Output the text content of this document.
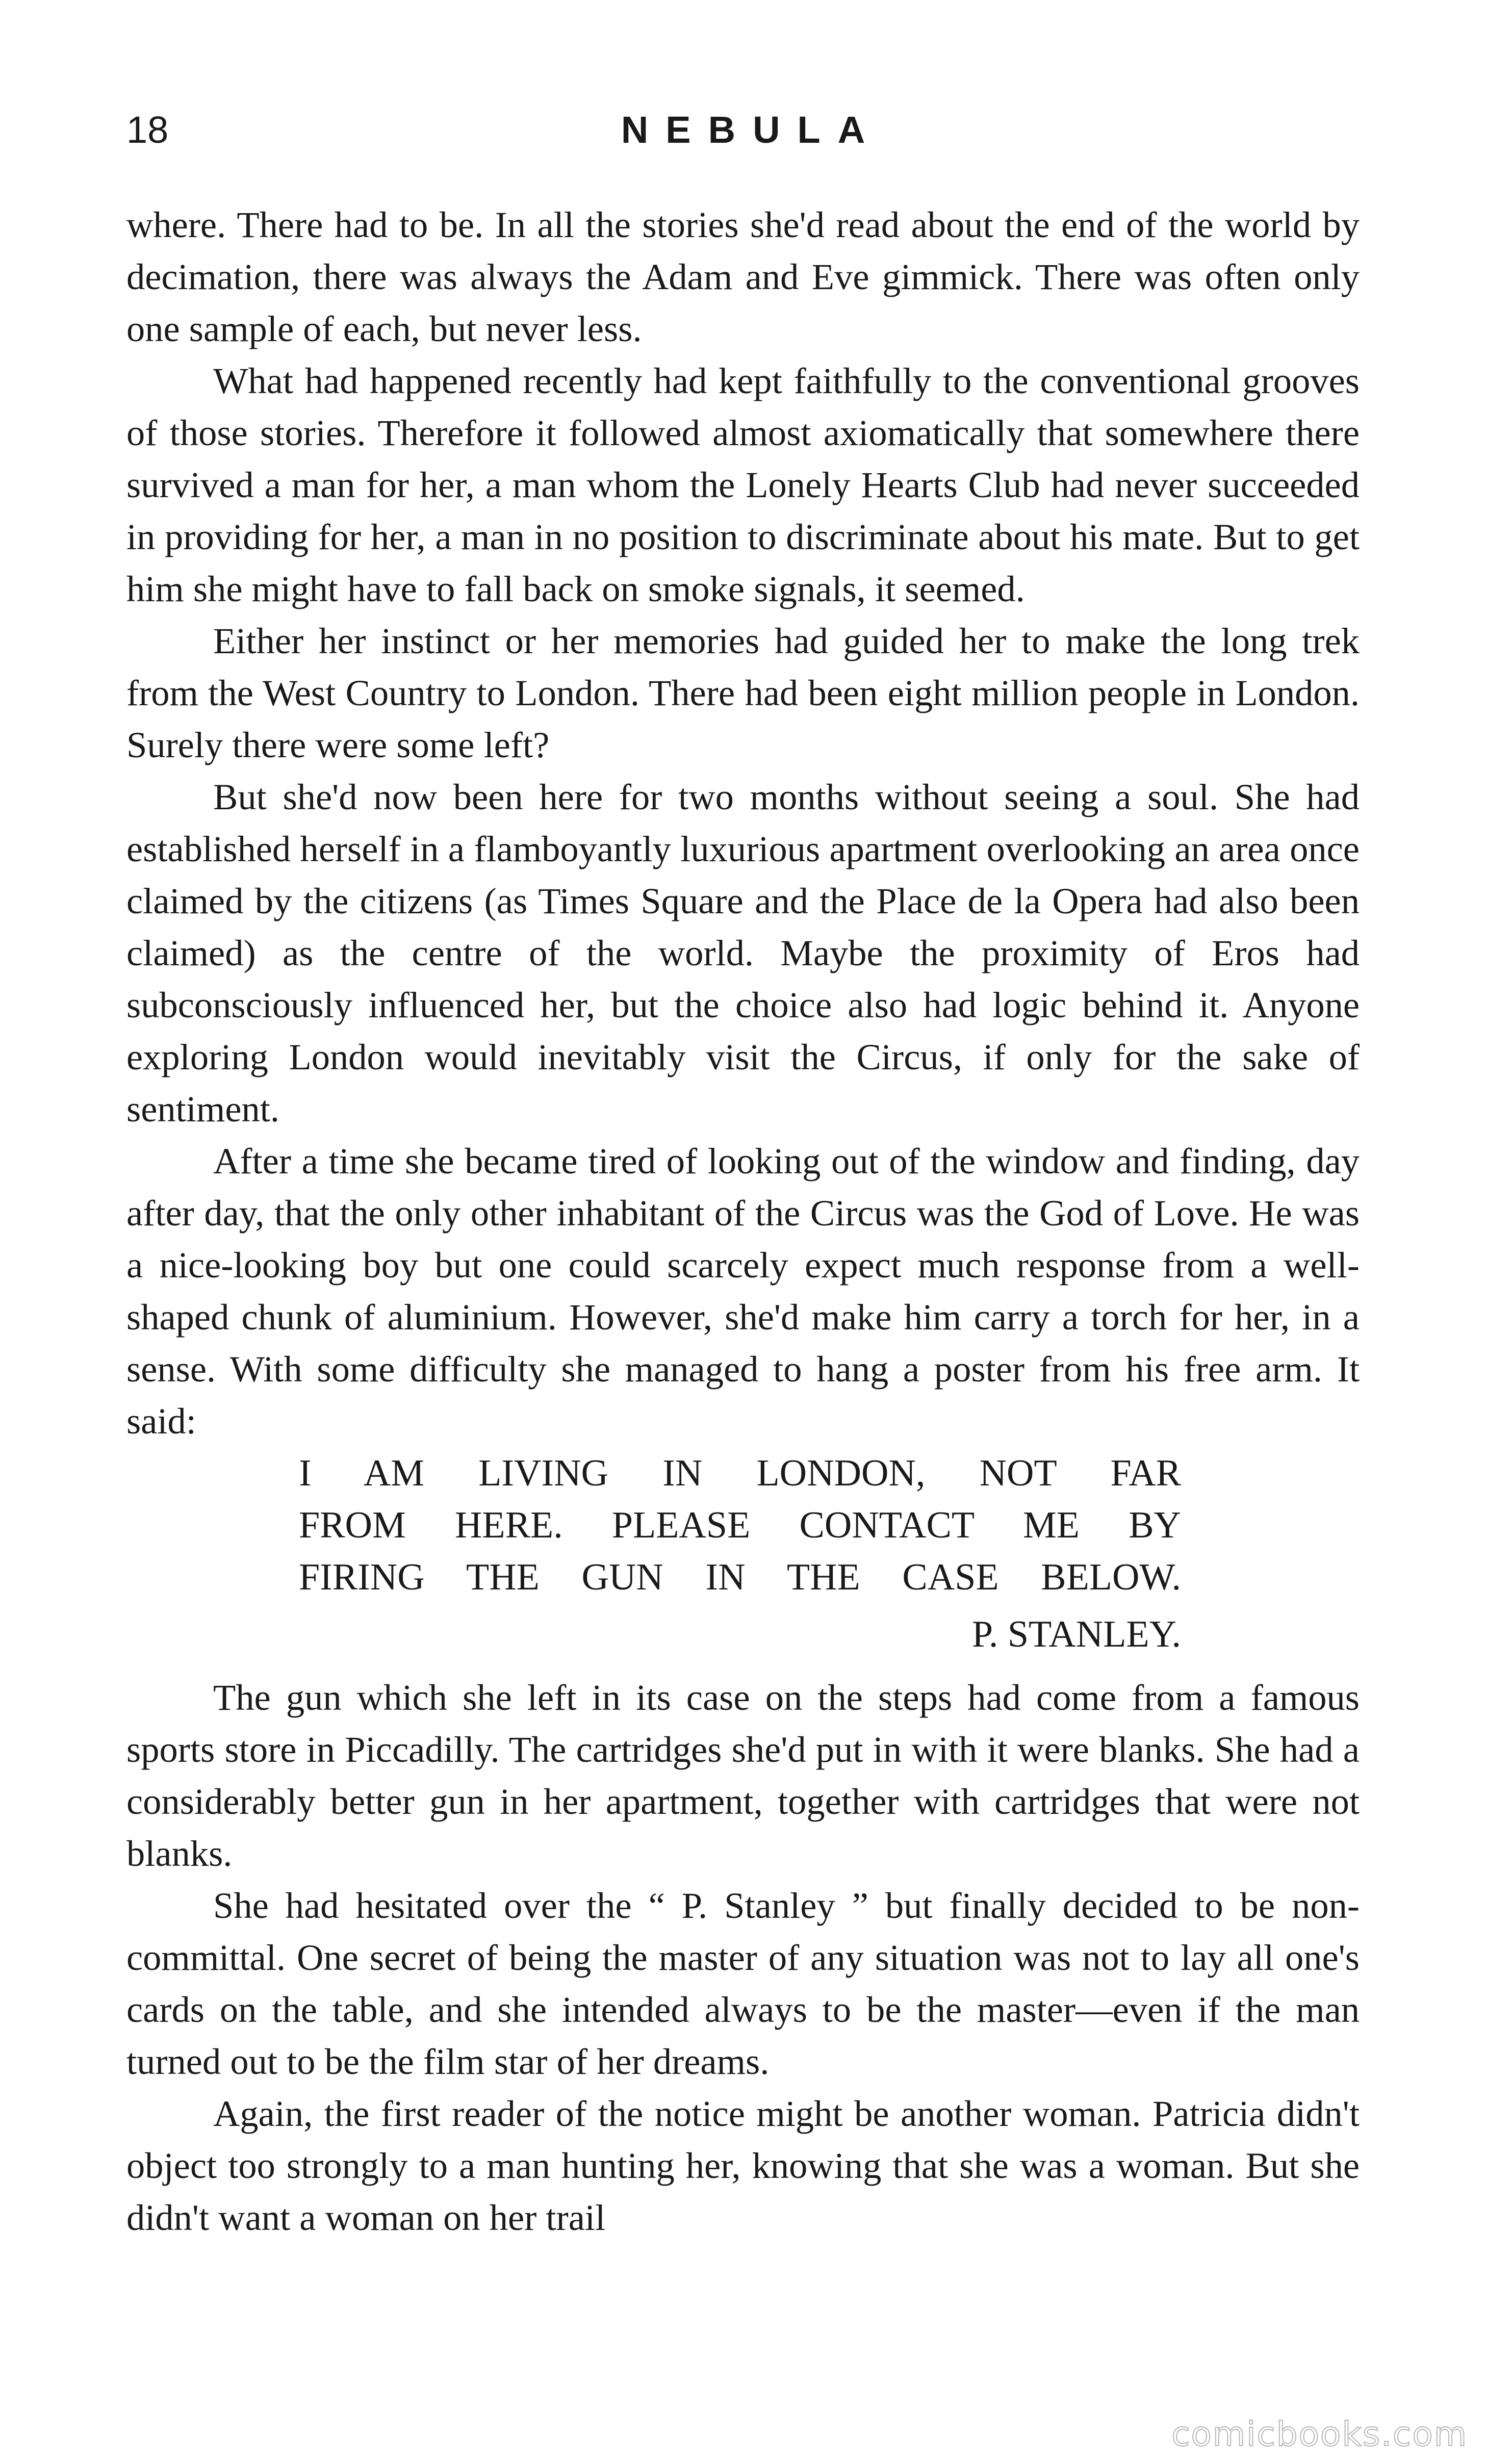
18	NEBULA

where. There had to be. In all the stories she'd read about the end of the world by decimation, there was always the Adam and Eve gimmick. There was often only one sample of each, but never less.

What had happened recently had kept faithfully to the conventional grooves of those stories. Therefore it followed almost axiomatically that somewhere there survived a man for her, a man whom the Lonely Hearts Club had never succeeded in providing for her, a man in no position to discriminate about his mate. But to get him she might have to fall back on smoke signals, it seemed.

Either her instinct or her memories had guided her to make the long trek from the West Country to London. There had been eight million people in London. Surely there were some left?

But she'd now been here for two months without seeing a soul. She had established herself in a flamboyantly luxurious apartment overlooking an area once claimed by the citizens (as Times Square and the Place de la Opera had also been claimed) as the centre of the world. Maybe the proximity of Eros had subconsciously influenced her, but the choice also had logic behind it. Anyone exploring London would inevitably visit the Circus, if only for the sake of sentiment.

After a time she became tired of looking out of the window and finding, day after day, that the only other inhabitant of the Circus was the God of Love. He was a nice-looking boy but one could scarcely expect much response from a well-shaped chunk of aluminium. However, she'd make him carry a torch for her, in a sense. With some difficulty she managed to hang a poster from his free arm. It said:

I AM LIVING IN LONDON, NOT FAR
FROM HERE. PLEASE CONTACT ME BY
FIRING THE GUN IN THE CASE BELOW.
P. STANLEY.

The gun which she left in its case on the steps had come from a famous sports store in Piccadilly. The cartridges she'd put in with it were blanks. She had a considerably better gun in her apartment, together with cartridges that were not blanks.

She had hesitated over the “ P. Stanley ” but finally decided to be non-committal. One secret of being the master of any situation was not to lay all one's cards on the table, and she intended always to be the master—even if the man turned out to be the film star of her dreams.

Again, the first reader of the notice might be another woman. Patricia didn't object too strongly to a man hunting her, knowing that she was a woman. But she didn't want a woman on her trail

comicbooks.com
